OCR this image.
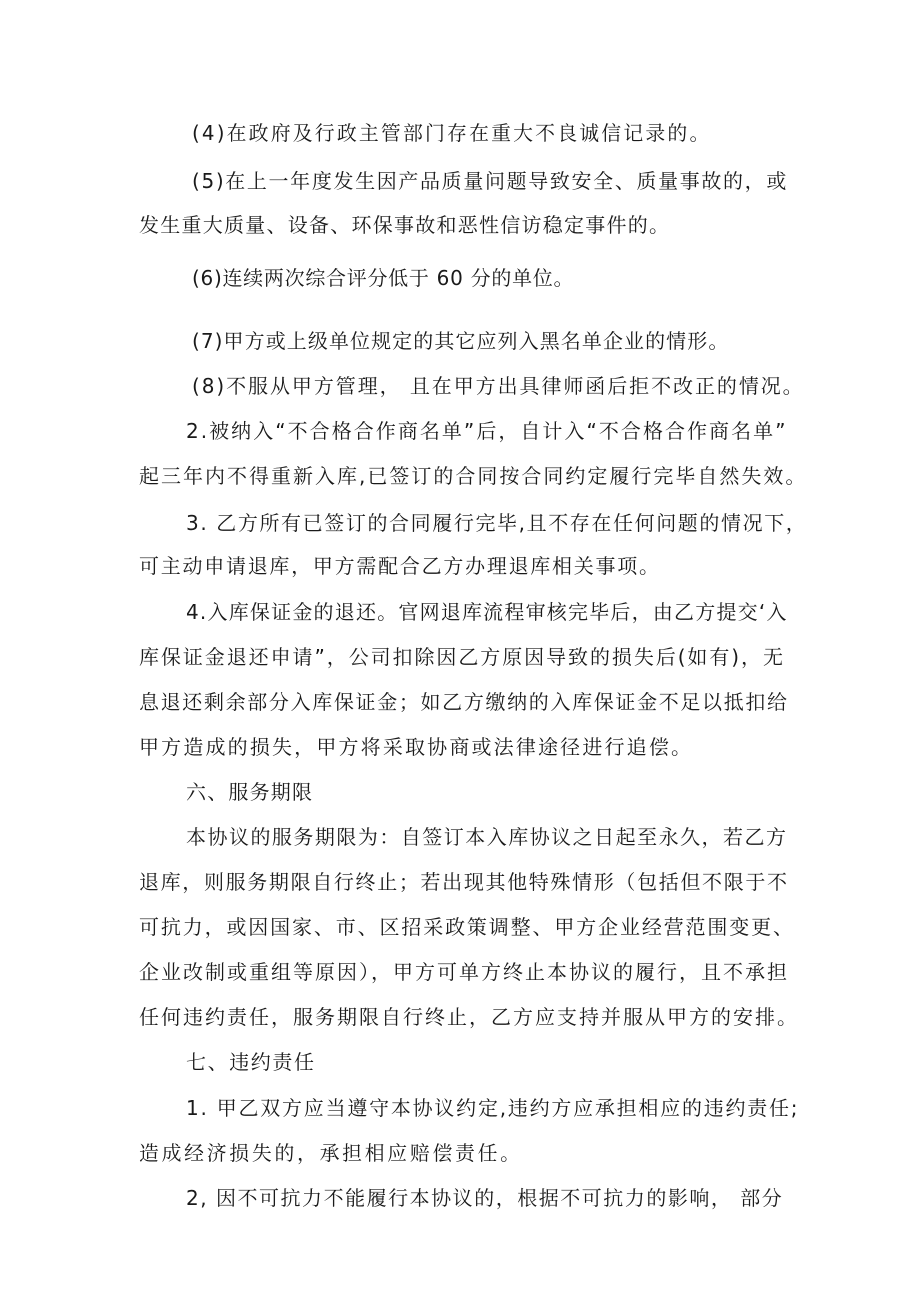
(4)在政府及行政主管部门存在重大不良诚信记录的。
(5)在上一年度发生因产品质量问题导致安全、质量事故的，或
发生重大质量、设备、环保事故和恶性信访稳定事件的。
(6)连续两次综合评分低于 60 分的单位。
(7)甲方或上级单位规定的其它应列入黑名单企业的情形。
(8)不服从甲方管理， 且在甲方出具律师函后拒不改正的情况。
2.被纳入“不合格合作商名单”后，自计入“不合格合作商名单”
起三年内不得重新入库,已签订的合同按合同约定履行完毕自然失效。
3. 乙方所有已签订的合同履行完毕,且不存在任何问题的情况下，
可主动申请退库，甲方需配合乙方办理退库相关事项。
4.入库保证金的退还。官网退库流程审核完毕后，由乙方提交‘入
库保证金退还申请”，公司扣除因乙方原因导致的损失后(如有)，无
息退还剩余部分入库保证金；如乙方缴纳的入库保证金不足以抵扣给
甲方造成的损失，甲方将采取协商或法律途径进行追偿。
六、服务期限
本协议的服务期限为：自签订本入库协议之日起至永久，若乙方
退库，则服务期限自行终止；若出现其他特殊情形（包括但不限于不
可抗力，或因国家、市、区招采政策调整、甲方企业经营范围变更、
企业改制或重组等原因），甲方可单方终止本协议的履行，且不承担
任何违约责任，服务期限自行终止，乙方应支持并服从甲方的安排。
七、违约责任
1. 甲乙双方应当遵守本协议约定,违约方应承担相应的违约责任;
造成经济损失的，承担相应赔偿责任。
2, 因不可抗力不能履行本协议的，根据不可抗力的影响， 部分
